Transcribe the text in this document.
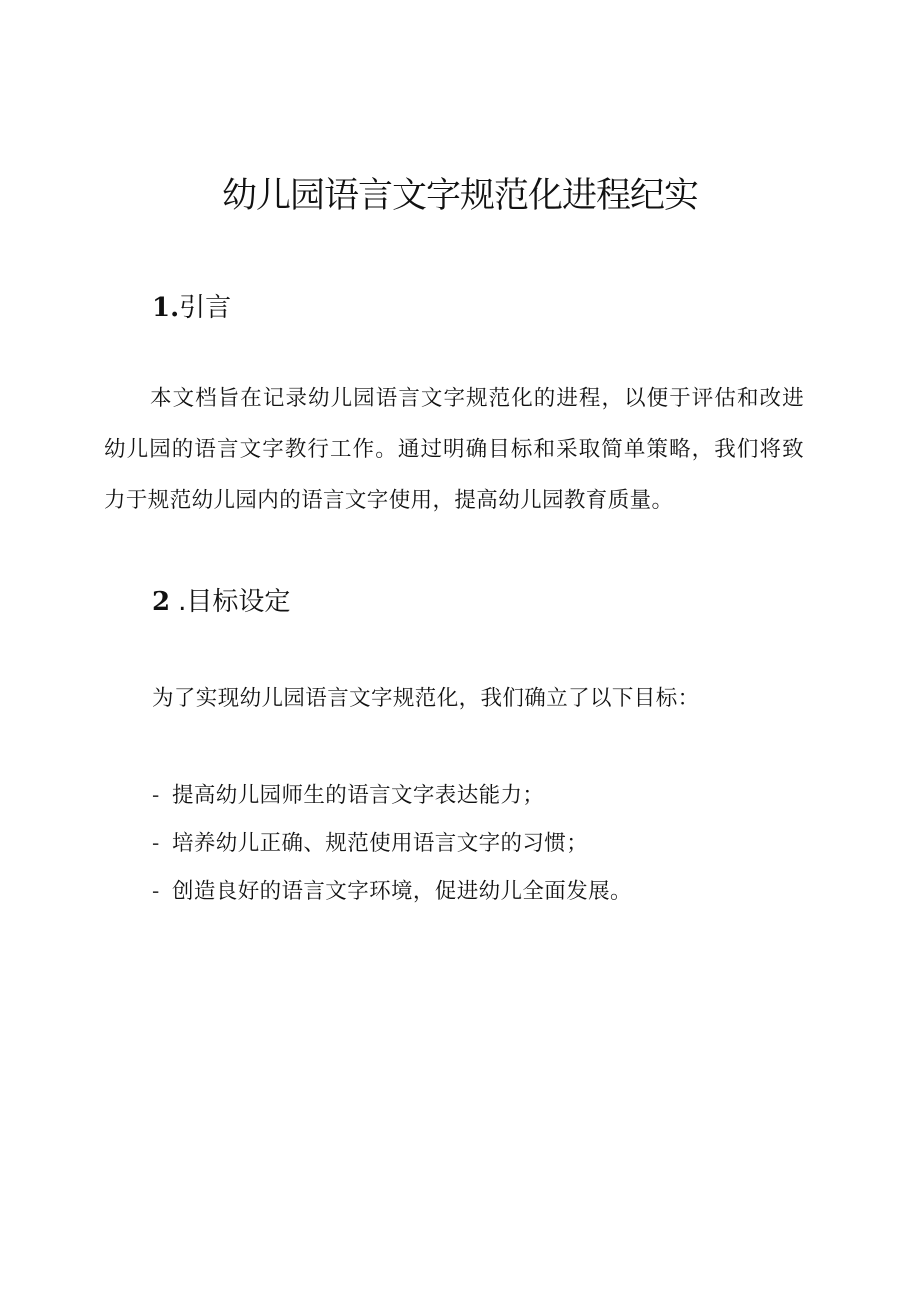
幼儿园语言文字规范化进程纪实
1.引言

本文档旨在记录幼儿园语言文字规范化的进程，以便于评估和改进幼儿园的语言文字教行工作。通过明确目标和采取简单策略，我们将致力于规范幼儿园内的语言文字使用，提高幼儿园教育质量。

2 .目标设定

为了实现幼儿园语言文字规范化，我们确立了以下目标：

- 提高幼儿园师生的语言文字表达能力；
- 培养幼儿正确、规范使用语言文字的习惯；
- 创造良好的语言文字环境，促进幼儿全面发展。
